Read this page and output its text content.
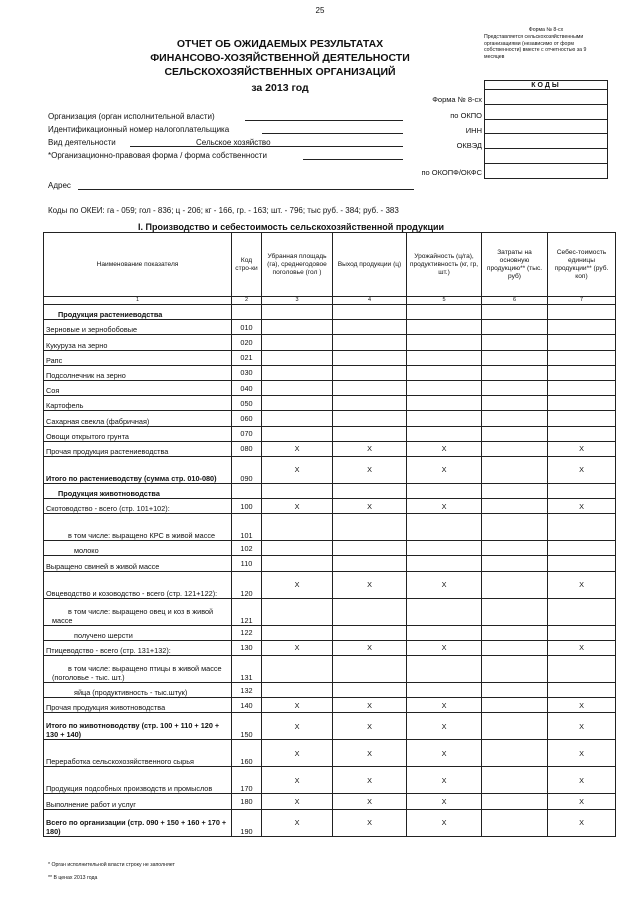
25
ОТЧЕТ ОБ ОЖИДАЕМЫХ РЕЗУЛЬТАТАХ
ФИНАНСОВО-ХОЗЯЙСТВЕННОЙ ДЕЯТЕЛЬНОСТИ
СЕЛЬСКОХОЗЯЙСТВЕННЫХ ОРГАНИЗАЦИЙ
за 2013 год
Форма № 8-сх
Представляется сельскохозяйственными
организациями (независимо от форм
собственности) вместе с отчетностью за 9
месяцев
КОДЫ
Форма № 8-сх
по ОКПО
ИНН
ОКВЭД
по ОКОПФ/ОКФС
Организация (орган исполнительной власти)
Идентификационный номер налогоплательщика
Вид деятельности	Сельское хозяйство
*Организационно-правовая форма / форма собственности
Адрес
Коды по ОКЕИ: га - 059; гол - 836; ц - 206; кг - 166, гр. - 163; шт. - 796; тыс руб. - 384; руб. - 383
I. Производство и себестоимость сельскохозяйственной продукции
Наименование показателя	Код стро-ки	Убранная площадь (га), среднегодовое поголовье (гол )	Выход продукции (ц)	Урожайность (ц/га), продуктивность (кг, гр, шт.)	Затраты на основную продукцию** (тыс. руб)	Себес-тоимость единицы продукции** (руб. коп)
1	2	3	4	5	6	7
Продукция растениеводства						
Зерновые и зернобобовые	010					
Кукуруза на зерно	020					
Рапс	021					
Подсолнечник на зерно	030					
Соя	040					
Картофель	050					
Сахарная свекла (фабричная)	060					
Овощи открытого грунта	070					
Прочая продукция растениеводства	080	X	X	X		X
Итого по растениеводству (сумма стр. 010-080)	090	X	X	X		X
Продукция животноводства						
Скотоводство - всего (стр. 101+102):	100	X	X	X		X
в том числе: выращено КРС в живой массе	101					
молоко	102					
Выращено свиней в живой массе	110					
Овцеводство и козоводство - всего (стр. 121+122):	120	X	X	X		X
в том числе: выращено овец и коз в живой массе	121					
получено шерсти	122					
Птицеводство - всего (стр. 131+132):	130	X	X	X		X
в том числе: выращено птицы в живой массе (поголовье - тыс. шт.)	131					
яйца (продуктивность - тыс.штук)	132					
Прочая продукция животноводства	140	X	X	X		X
Итого по животноводству (стр. 100 + 110 + 120 + 130 + 140)	150	X	X	X		X
Переработка сельскохозяйственного сырья	160	X	X	X		X
Продукция подсобных производств и промыслов	170	X	X	X		X
Выполнение работ и услуг	180	X	X	X		X
Всего по организации (стр. 090 + 150 + 160 + 170 + 180)	190	X	X	X		X
* Орган исполнительной власти строку не заполняет
** В ценах 2013 года
